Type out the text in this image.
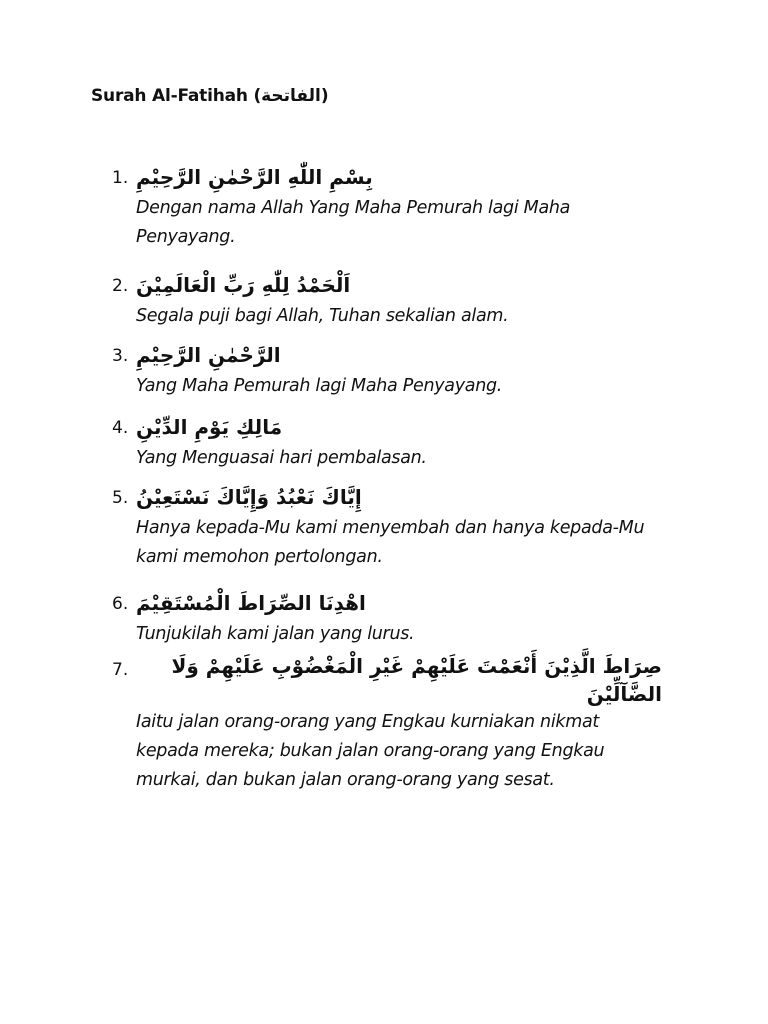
Surah Al-Fatihah (الفاتحة)
1. بِسْمِ اللّٰهِ الرَّحْمٰنِ الرَّحِيْمِ
Dengan nama Allah Yang Maha Pemurah lagi Maha Penyayang.
2. اَلْحَمْدُ لِلّٰهِ رَبِّ الْعَالَمِيْنَ
Segala puji bagi Allah, Tuhan sekalian alam.
3. الرَّحْمٰنِ الرَّحِيْمِ
Yang Maha Pemurah lagi Maha Penyayang.
4. مَالِكِ يَوْمِ الدِّيْنِ
Yang Menguasai hari pembalasan.
5. إِيَّاكَ نَعْبُدُ وَإِيَّاكَ نَسْتَعِيْنُ
Hanya kepada-Mu kami menyembah dan hanya kepada-Mu kami memohon pertolongan.
6. اهْدِنَا الصِّرَاطَ الْمُسْتَقِيْمَ
Tunjukilah kami jalan yang lurus.
7.	صِرَاطَ الَّذِيْنَ أَنْعَمْتَ عَلَيْهِمْ غَيْرِ الْمَغْضُوْبِ عَلَيْهِمْ وَلَا الضَّآلِّيْنَ
Iaitu jalan orang-orang yang Engkau kurniakan nikmat kepada mereka; bukan jalan orang-orang yang Engkau murkai, dan bukan jalan orang-orang yang sesat.
